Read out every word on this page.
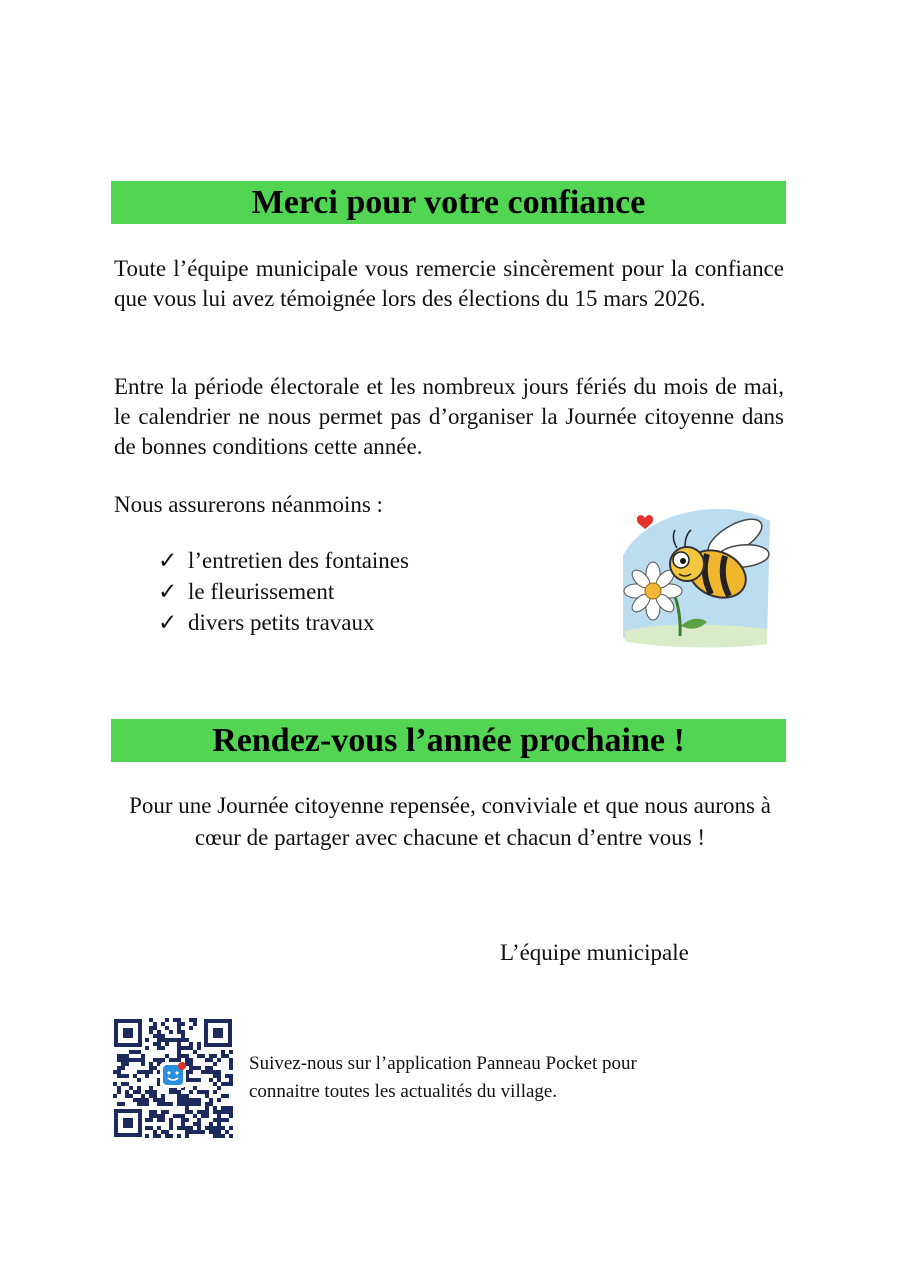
Merci pour votre confiance

Toute l’équipe municipale vous remercie sincèrement pour la confiance que vous lui avez témoignée lors des élections du 15 mars 2026.

Entre la période électorale et les nombreux jours fériés du mois de mai, le calendrier ne nous permet pas d’organiser la Journée citoyenne dans de bonnes conditions cette année.

Nous assurerons néanmoins :

✓ l’entretien des fontaines
✓ le fleurissement
✓ divers petits travaux
Rendez-vous l’année prochaine !

Pour une Journée citoyenne repensée, conviviale et que nous aurons à cœur de partager avec chacune et chacun d’entre vous !

L’équipe municipale
Suivez-nous sur l’application Panneau Pocket pour
connaitre toutes les actualités du village.
